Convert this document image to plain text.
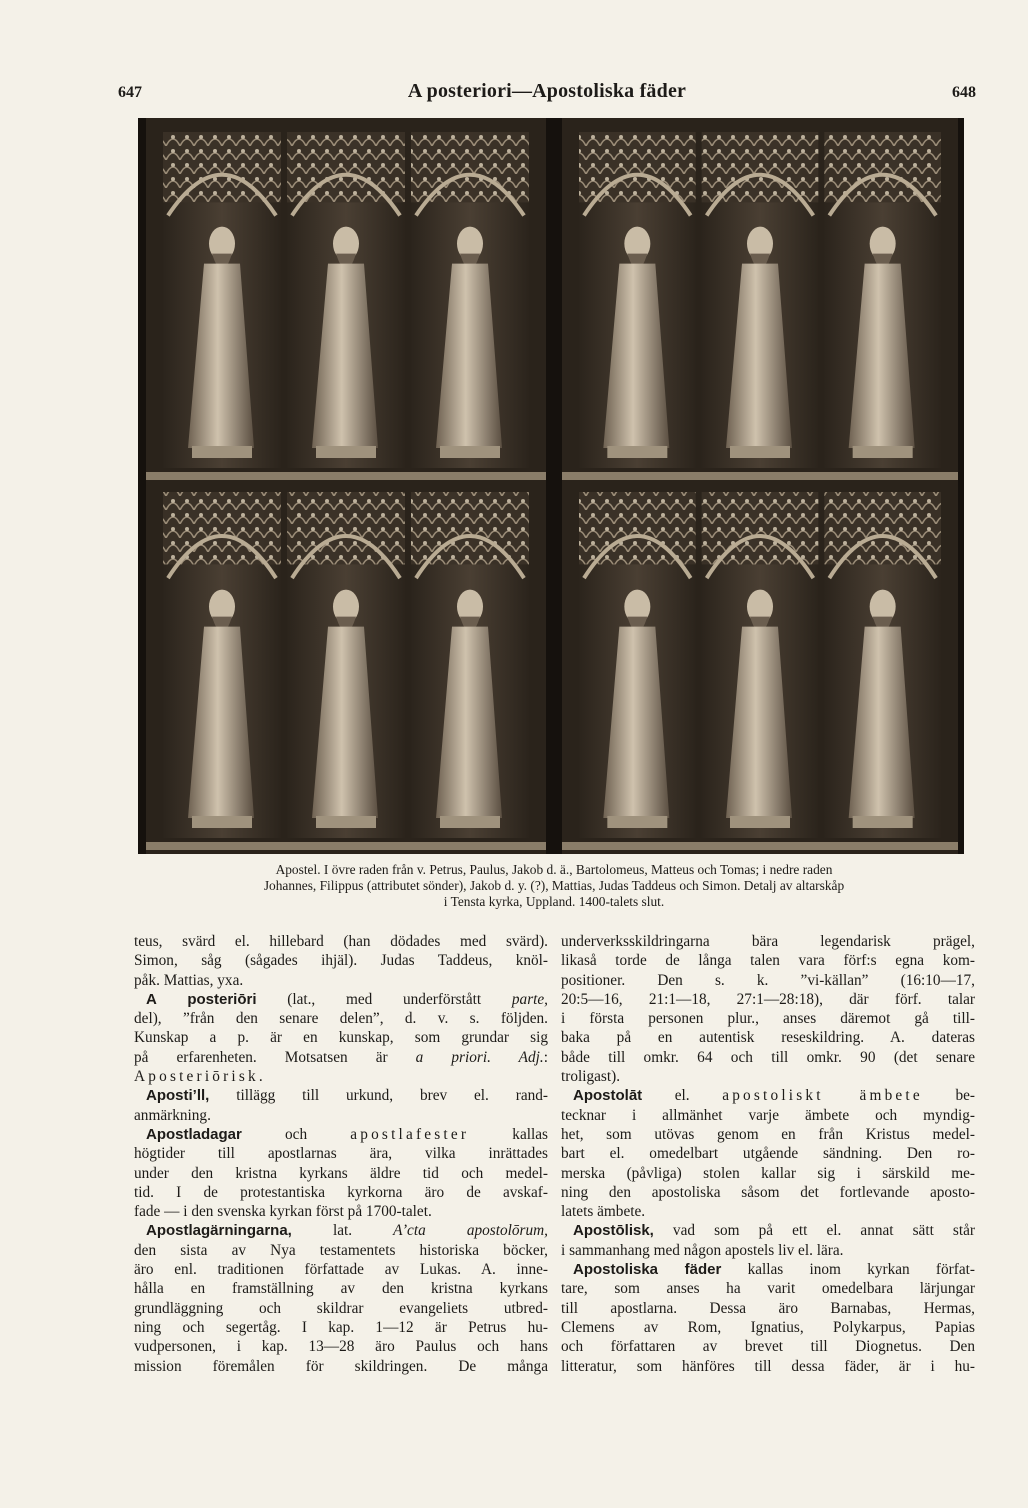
647	A posteriori—Apostoliska fäder	648
Apostel. I övre raden från v. Petrus, Paulus, Jakob d. ä., Bartolomeus, Matteus och Tomas; i nedre raden
Johannes, Filippus (attributet sönder), Jakob d. y. (?), Mattias, Judas Taddeus och Simon. Detalj av altarskåp
i Tensta kyrka, Uppland. 1400-talets slut.
teus, svärd el. hillebard (han dödades med svärd).
Simon, såg (sågades ihjäl). Judas Taddeus, knöl-
påk. Mattias, yxa.
A posteriōri (lat., med underförstått parte,
del), ”från den senare delen”, d. v. s. följden.
Kunskap a p. är en kunskap, som grundar sig
på erfarenheten. Motsatsen är a priori. Adj.:
Aposteriōrisk.
Aposti’ll, tillägg till urkund, brev el. rand-
anmärkning.
Apostladagar och apostlafester kallas
högtider till apostlarnas ära, vilka inrättades
under den kristna kyrkans äldre tid och medel-
tid. I de protestantiska kyrkorna äro de avskaf-
fade — i den svenska kyrkan först på 1700-talet.
Apostlagärningarna, lat. A’cta apostolōrum,
den sista av Nya testamentets historiska böcker,
äro enl. traditionen författade av Lukas. A. inne-
hålla en framställning av den kristna kyrkans
grundläggning och skildrar evangeliets utbred-
ning och segertåg. I kap. 1—12 är Petrus hu-
vudpersonen, i kap. 13—28 äro Paulus och hans
mission föremålen för skildringen. De många
underverksskildringarna bära legendarisk prägel,
likaså torde de långa talen vara förf:s egna kom-
positioner. Den s. k. ”vi-källan” (16:10—17,
20:5—16, 21:1—18, 27:1—28:18), där förf. talar
i första personen plur., anses däremot gå till-
baka på en autentisk reseskildring. A. dateras
både till omkr. 64 och till omkr. 90 (det senare
troligast).
Apostolāt el. apostoliskt ämbete be-
tecknar i allmänhet varje ämbete och myndig-
het, som utövas genom en från Kristus medel-
bart el. omedelbart utgående sändning. Den ro-
merska (påvliga) stolen kallar sig i särskild me-
ning den apostoliska såsom det fortlevande aposto-
latets ämbete.
Apostōlisk, vad som på ett el. annat sätt står
i sammanhang med någon apostels liv el. lära.
Apostoliska fäder kallas inom kyrkan förfat-
tare, som anses ha varit omedelbara lärjungar
till apostlarna. Dessa äro Barnabas, Hermas,
Clemens av Rom, Ignatius, Polykarpus, Papias
och författaren av brevet till Diognetus. Den
litteratur, som hänföres till dessa fäder, är i hu-
